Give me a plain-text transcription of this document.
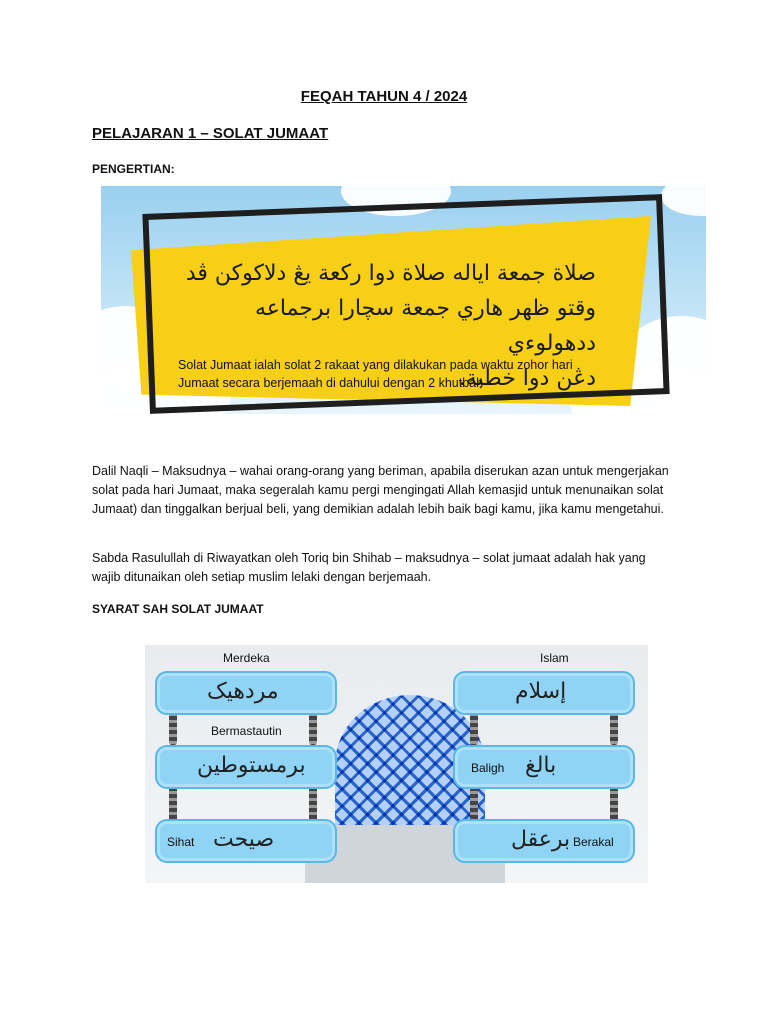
FEQAH TAHUN 4 / 2024
PELAJARAN 1 – SOLAT JUMAAT
PENGERTIAN:
صلاة جمعة اياله صلاة دوا ركعة يڠ دلاكوكن ڤد
وقتو ظهر هاري جمعة سچارا برجماعه ددهولوءي
دڠن دوا خطبة.
Solat Jumaat ialah solat 2 rakaat yang dilakukan pada waktu zohor hari
Jumaat secara berjemaah di dahului dengan 2 khutbah
Dalil Naqli – Maksudnya – wahai orang-orang yang beriman, apabila diserukan azan untuk mengerjakan solat pada hari Jumaat, maka segeralah kamu pergi mengingati Allah kemasjid untuk menunaikan solat Jumaat) dan tinggalkan berjual beli, yang demikian adalah lebih baik bagi kamu, jika kamu mengetahui.
Sabda Rasulullah di Riwayatkan oleh Toriq bin Shihab – maksudnya – solat jumaat adalah hak yang wajib ditunaikan oleh setiap muslim lelaki dengan berjemaah.
SYARAT SAH SOLAT JUMAAT
Merdeka
مردهيک
Islam
إسلام
Bermastautin
برمستوطين	Baligh بالغ
Sihat صيحت	برعقل Berakal
